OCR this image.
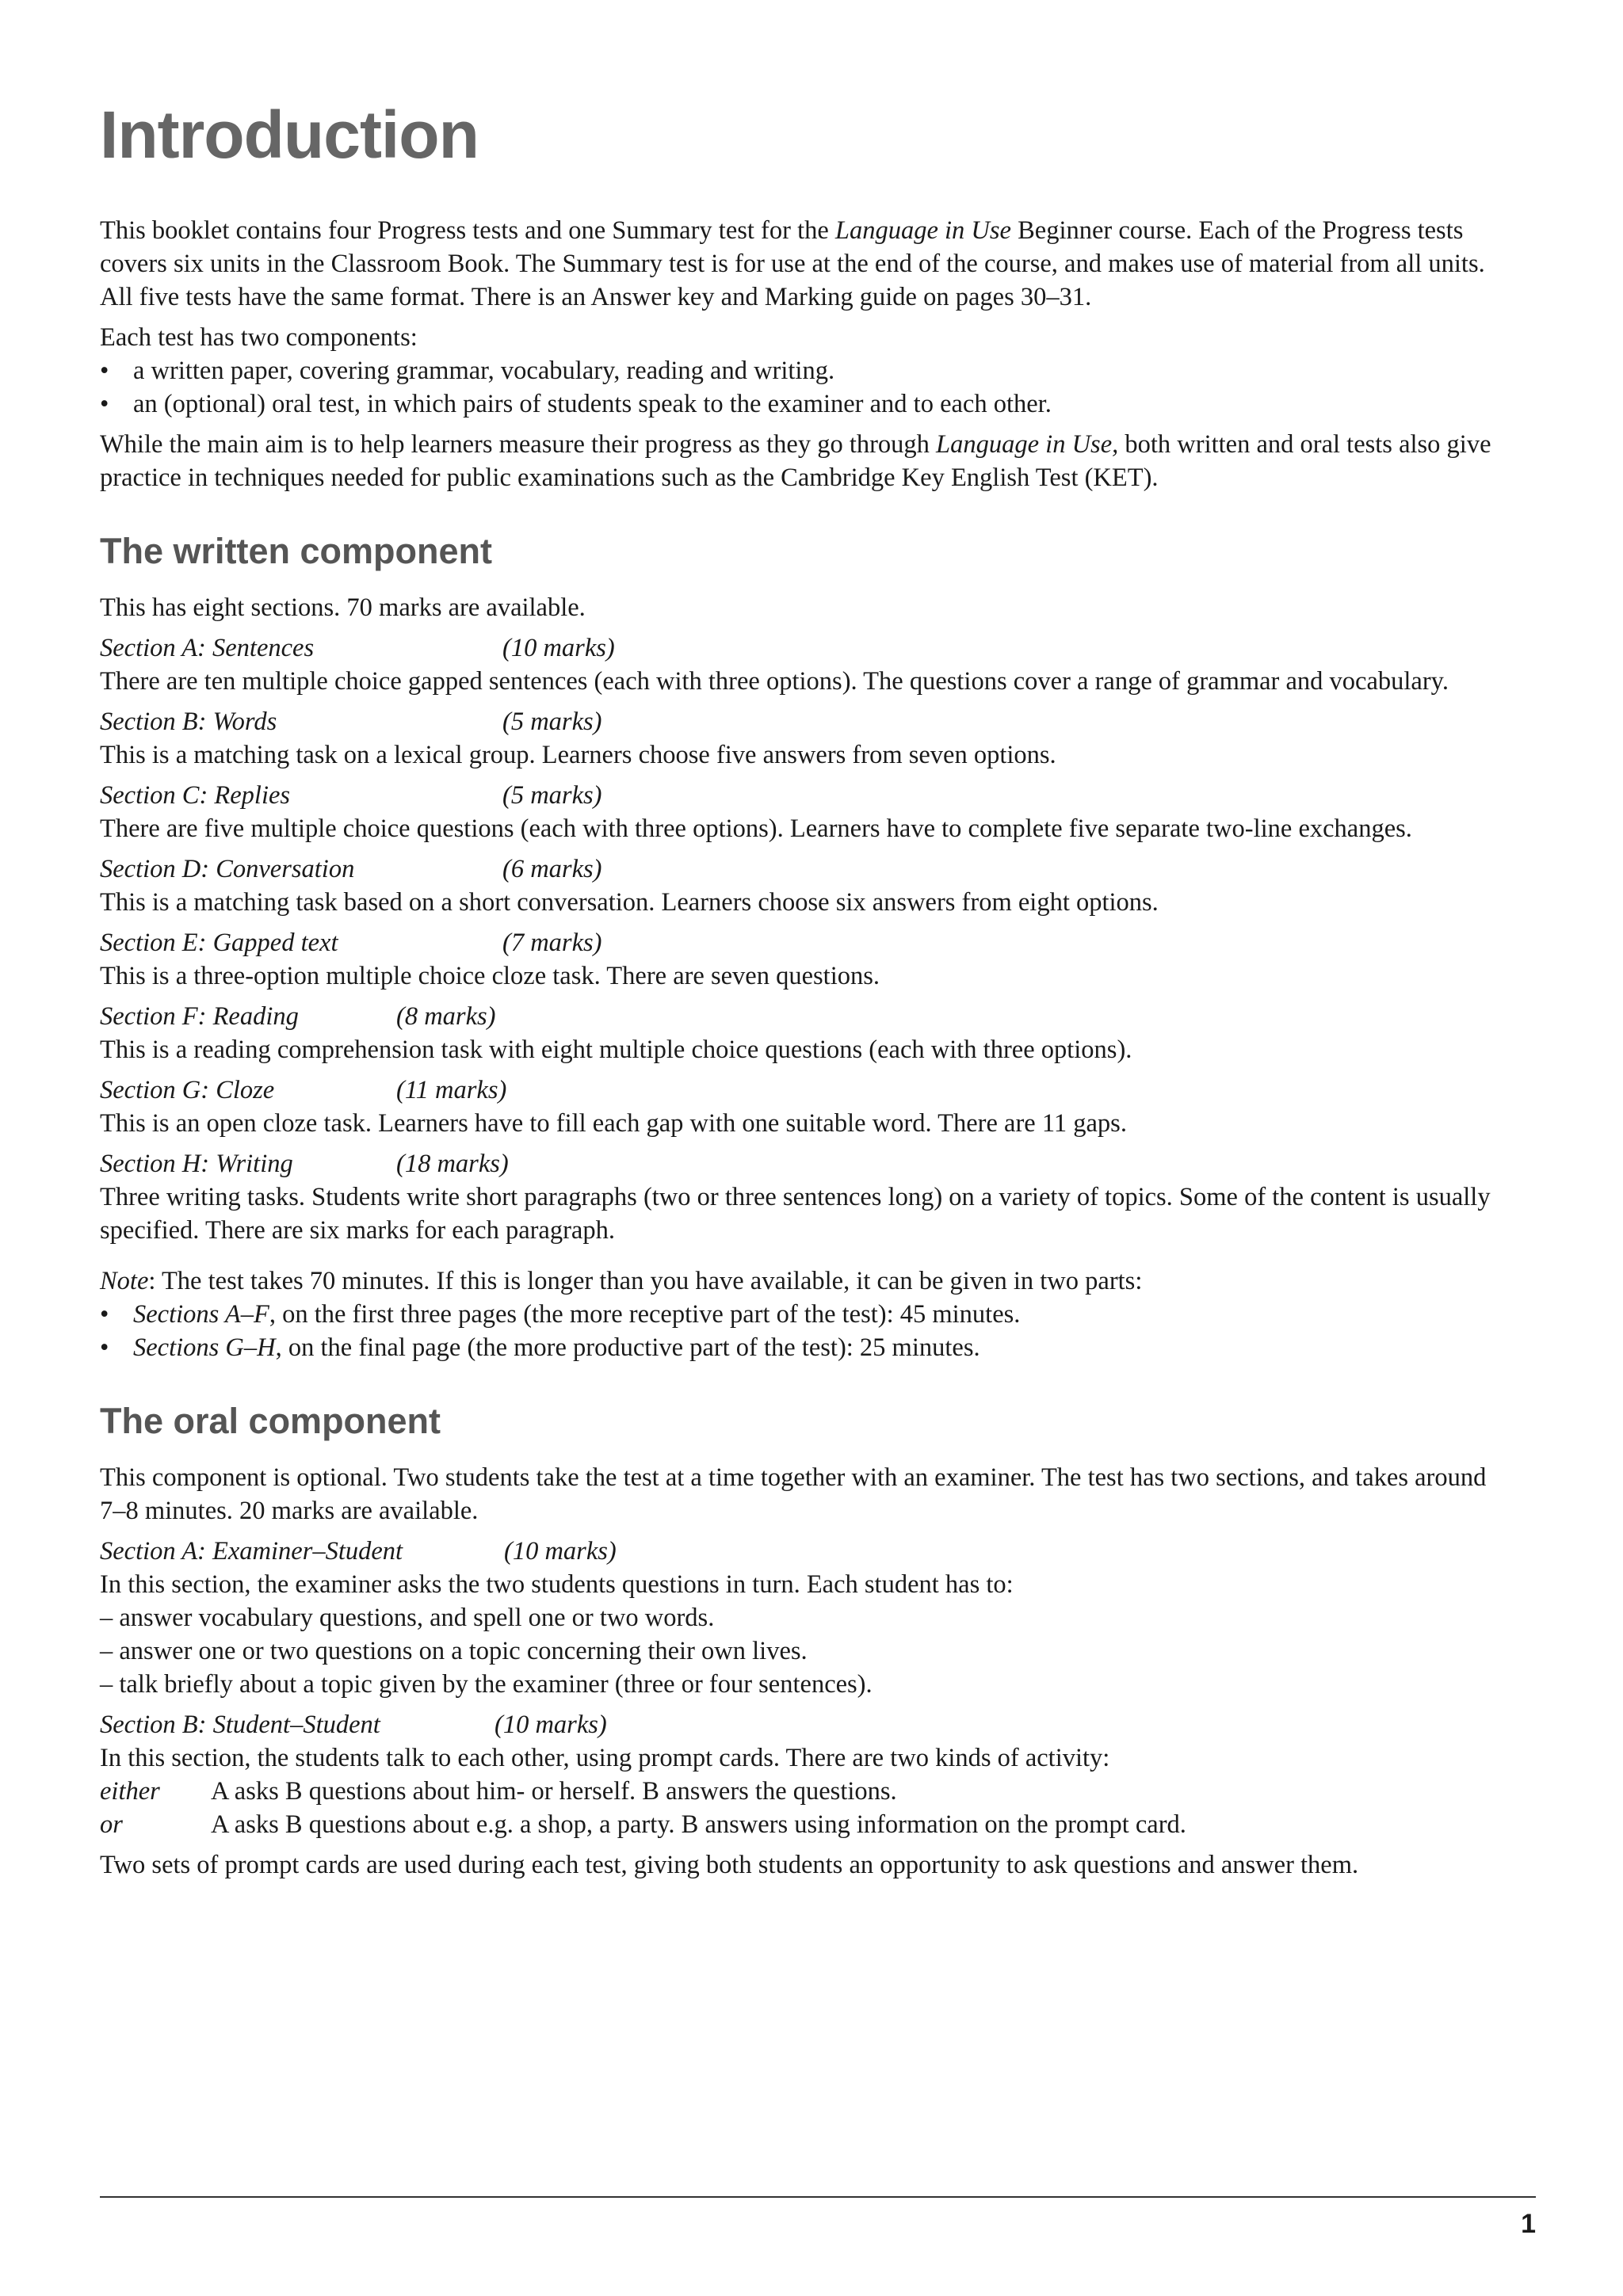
Introduction

This booklet contains four Progress tests and one Summary test for the Language in Use Beginner course. Each of the Progress tests covers six units in the Classroom Book. The Summary test is for use at the end of the course, and makes use of material from all units. All five tests have the same format. There is an Answer key and Marking guide on pages 30–31.

Each test has two components:

• a written paper, covering grammar, vocabulary, reading and writing.
• an (optional) oral test, in which pairs of students speak to the examiner and to each other.

While the main aim is to help learners measure their progress as they go through Language in Use, both written and oral tests also give practice in techniques needed for public examinations such as the Cambridge Key English Test (KET).

The written component

This has eight sections. 70 marks are available.

Section A: Sentences	(10 marks)
There are ten multiple choice gapped sentences (each with three options). The questions cover a range of grammar and vocabulary.
Section B: Words	(5 marks)
This is a matching task on a lexical group. Learners choose five answers from seven options.
Section C: Replies	(5 marks)
There are five multiple choice questions (each with three options). Learners have to complete five separate two-line exchanges.
Section D: Conversation	(6 marks)
This is a matching task based on a short conversation. Learners choose six answers from eight options.
Section E: Gapped text	(7 marks)
This is a three-option multiple choice cloze task. There are seven questions.
Section F: Reading	(8 marks)
This is a reading comprehension task with eight multiple choice questions (each with three options).
Section G: Cloze	(11 marks)
This is an open cloze task. Learners have to fill each gap with one suitable word. There are 11 gaps.
Section H: Writing	(18 marks)
Three writing tasks. Students write short paragraphs (two or three sentences long) on a variety of topics. Some of the content is usually specified. There are six marks for each paragraph.

Note: The test takes 70 minutes. If this is longer than you have available, it can be given in two parts:

• Sections A–F, on the first three pages (the more receptive part of the test): 45 minutes.
• Sections G–H, on the final page (the more productive part of the test): 25 minutes.
The oral component

This component is optional. Two students take the test at a time together with an examiner. The test has two sections, and takes around 7–8 minutes. 20 marks are available.

Section A: Examiner–Student	(10 marks)
In this section, the examiner asks the two students questions in turn. Each student has to:
– answer vocabulary questions, and spell one or two words.
– answer one or two questions on a topic concerning their own lives.
– talk briefly about a topic given by the examiner (three or four sentences).
Section B: Student–Student	(10 marks)
In this section, the students talk to each other, using prompt cards. There are two kinds of activity:
either	A asks B questions about him- or herself. B answers the questions.
or	A asks B questions about e.g. a shop, a party. B answers using information on the prompt card.

Two sets of prompt cards are used during each test, giving both students an opportunity to ask questions and answer them.

1
